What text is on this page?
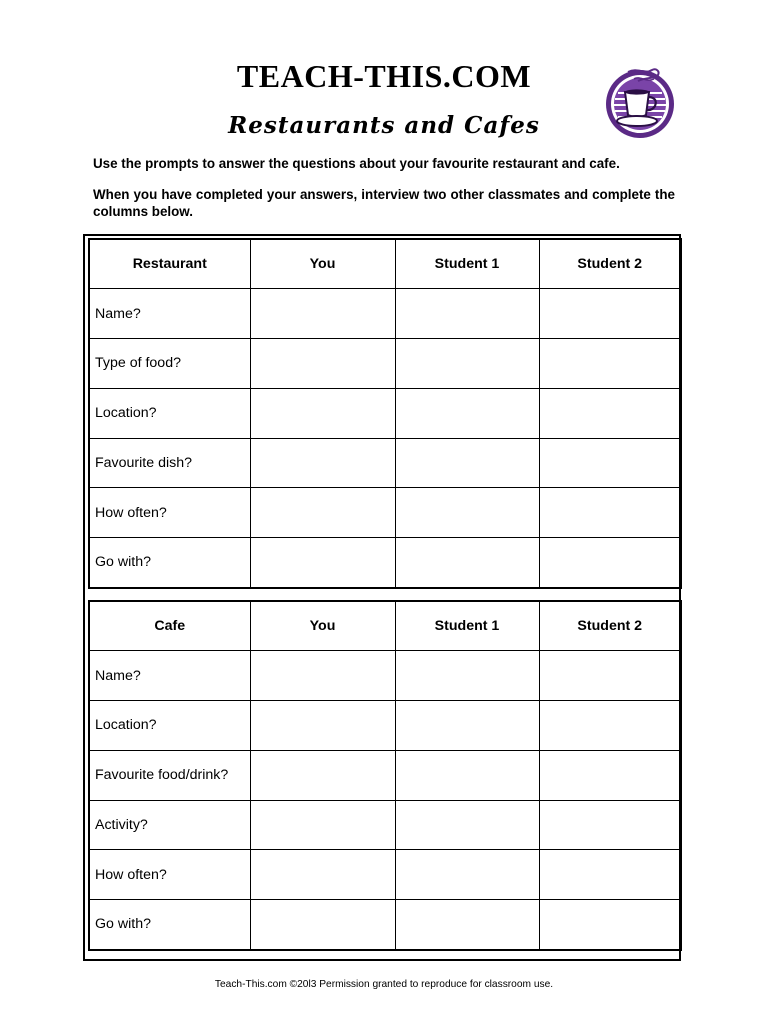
TEACH-THIS.COM
Restaurants and Cafes
Use the prompts to answer the questions about your favourite restaurant and cafe.
When you have completed your answers, interview two other classmates and complete the columns below.
Restaurant	You	Student 1	Student 2
Name?			
Type of food?			
Location?			
Favourite dish?			
How often?			
Go with?			
Cafe	You	Student 1	Student 2
Name?			
Location?			
Favourite food/drink?			
Activity?			
How often?			
Go with?			
Teach-This.com ©20l3 Permission granted to reproduce for classroom use.
